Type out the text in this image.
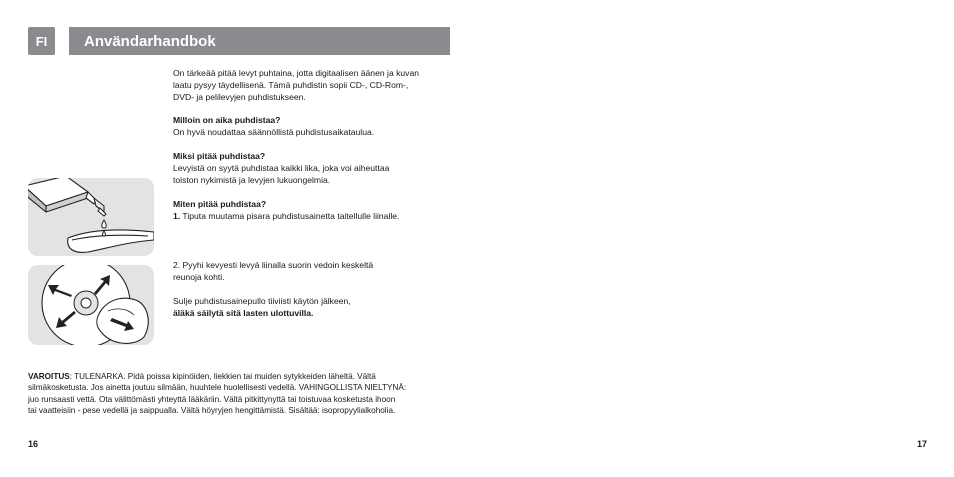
FI	Användarhandbok

On tärkeää pitää levyt puhtaina, jotta digitaalisen äänen ja kuvan

laatu pysyy täydellisenä. Tämä puhdistin sopii CD-, CD-Rom-,

DVD- ja pelilevyjen puhdistukseen.

Milloin on aika puhdistaa?

On hyvä noudattaa säännöllistä puhdistusaikataulua.

Miksi pitää puhdistaa?

Levyistä on syytä puhdistaa kaikki lika, joka voi aiheuttaa

toiston nykimistä ja levyjen lukuongelmia.

Miten pitää puhdistaa?

1. Tiputa muutama pisara puhdistusainetta taitellulle liinalle.

2. Pyyhi kevyesti levyä liinalla suorin vedoin keskeltä

reunoja kohti.

Sulje puhdistusainepullo tiiviisti käytön jälkeen,

äläkä säilytä sitä lasten ulottuvilla.

VAROITUS: TULENARKA. Pidä poissa kipinöiden, liekkien tai muiden sytykkeiden läheltä. Vältä

silmäkosketusta. Jos ainetta joutuu silmään, huuhtele huolellisesti vedellä. VAHINGOLLISTA NIELTYNÄ:

juo runsaasti vettä. Ota välittömästi yhteyttä lääkäriin. Vältä pitkittynyttä tai toistuvaa kosketusta ihoon

tai vaatteisiin - pese vedellä ja saippualla. Vältä höyryjen hengittämistä. Sisältää: isopropyylialkoholia.

16	17
